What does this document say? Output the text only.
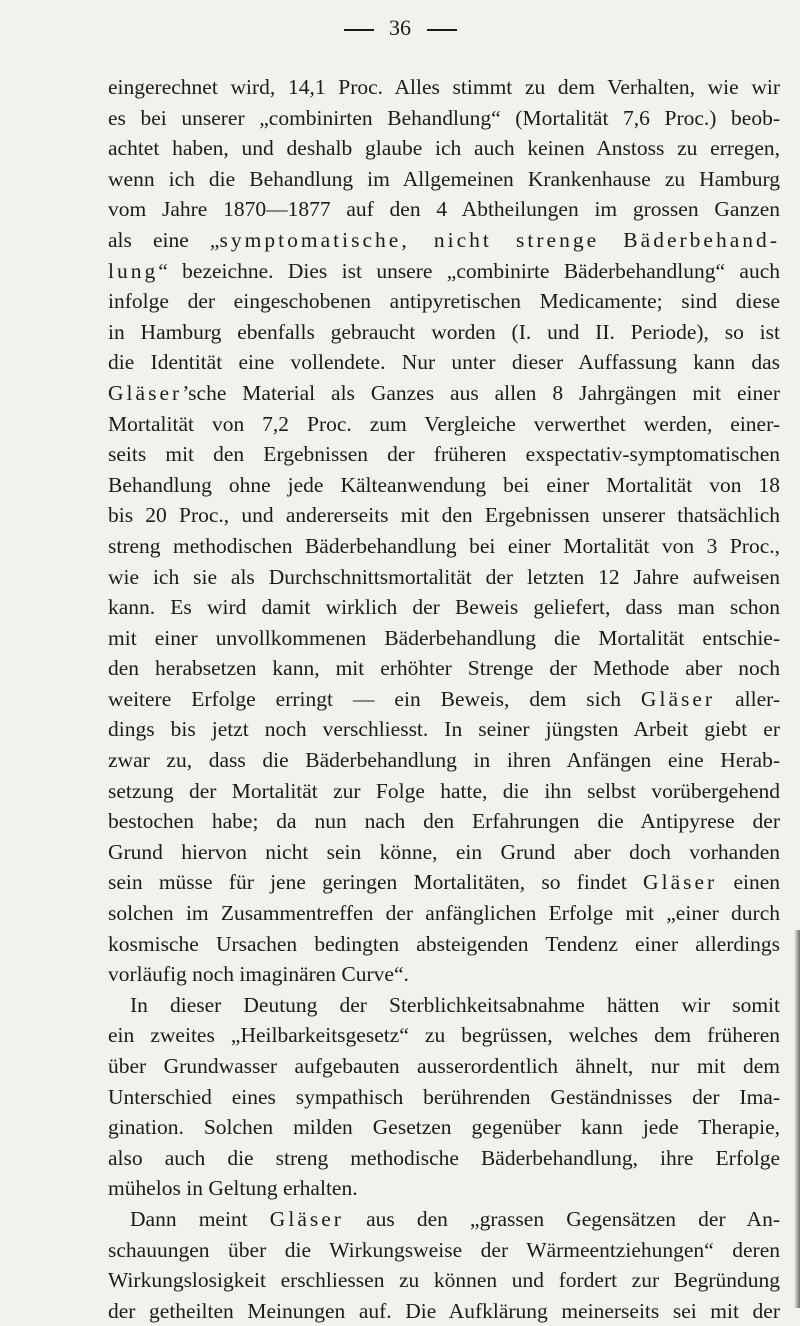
36
eingerechnet wird, 14,1 Proc. Alles stimmt zu dem Verhalten, wie wir
es bei unserer „combinirten Behandlung“ (Mortalität 7,6 Proc.) beob-
achtet haben, und deshalb glaube ich auch keinen Anstoss zu erregen,
wenn ich die Behandlung im Allgemeinen Krankenhause zu Hamburg
vom Jahre 1870—1877 auf den 4 Abtheilungen im grossen Ganzen
als eine „symptomatische, nicht strenge Bäderbehand-
lung“ bezeichne. Dies ist unsere „combinirte Bäderbehandlung“ auch
infolge der eingeschobenen antipyretischen Medicamente; sind diese
in Hamburg ebenfalls gebraucht worden (I. und II. Periode), so ist
die Identität eine vollendete. Nur unter dieser Auffassung kann das
Gläser’sche Material als Ganzes aus allen 8 Jahrgängen mit einer
Mortalität von 7,2 Proc. zum Vergleiche verwerthet werden, einer-
seits mit den Ergebnissen der früheren exspectativ-symptomatischen
Behandlung ohne jede Kälteanwendung bei einer Mortalität von 18
bis 20 Proc., und andererseits mit den Ergebnissen unserer thatsächlich
streng methodischen Bäderbehandlung bei einer Mortalität von 3 Proc.,
wie ich sie als Durchschnittsmortalität der letzten 12 Jahre aufweisen
kann. Es wird damit wirklich der Beweis geliefert, dass man schon
mit einer unvollkommenen Bäderbehandlung die Mortalität entschie-
den herabsetzen kann, mit erhöhter Strenge der Methode aber noch
weitere Erfolge erringt — ein Beweis, dem sich Gläser aller-
dings bis jetzt noch verschliesst. In seiner jüngsten Arbeit giebt er
zwar zu, dass die Bäderbehandlung in ihren Anfängen eine Herab-
setzung der Mortalität zur Folge hatte, die ihn selbst vorübergehend
bestochen habe; da nun nach den Erfahrungen die Antipyrese der
Grund hiervon nicht sein könne, ein Grund aber doch vorhanden
sein müsse für jene geringen Mortalitäten, so findet Gläser einen
solchen im Zusammentreffen der anfänglichen Erfolge mit „einer durch
kosmische Ursachen bedingten absteigenden Tendenz einer allerdings
vorläufig noch imaginären Curve“.
In dieser Deutung der Sterblichkeitsabnahme hätten wir somit
ein zweites „Heilbarkeitsgesetz“ zu begrüssen, welches dem früheren
über Grundwasser aufgebauten ausserordentlich ähnelt, nur mit dem
Unterschied eines sympathisch berührenden Geständnisses der Ima-
gination. Solchen milden Gesetzen gegenüber kann jede Therapie,
also auch die streng methodische Bäderbehandlung, ihre Erfolge
mühelos in Geltung erhalten.
Dann meint Gläser aus den „grassen Gegensätzen der An-
schauungen über die Wirkungsweise der Wärmeentziehungen“ deren
Wirkungslosigkeit erschliessen zu können und fordert zur Begründung
der getheilten Meinungen auf. Die Aufklärung meinerseits sei mit der
